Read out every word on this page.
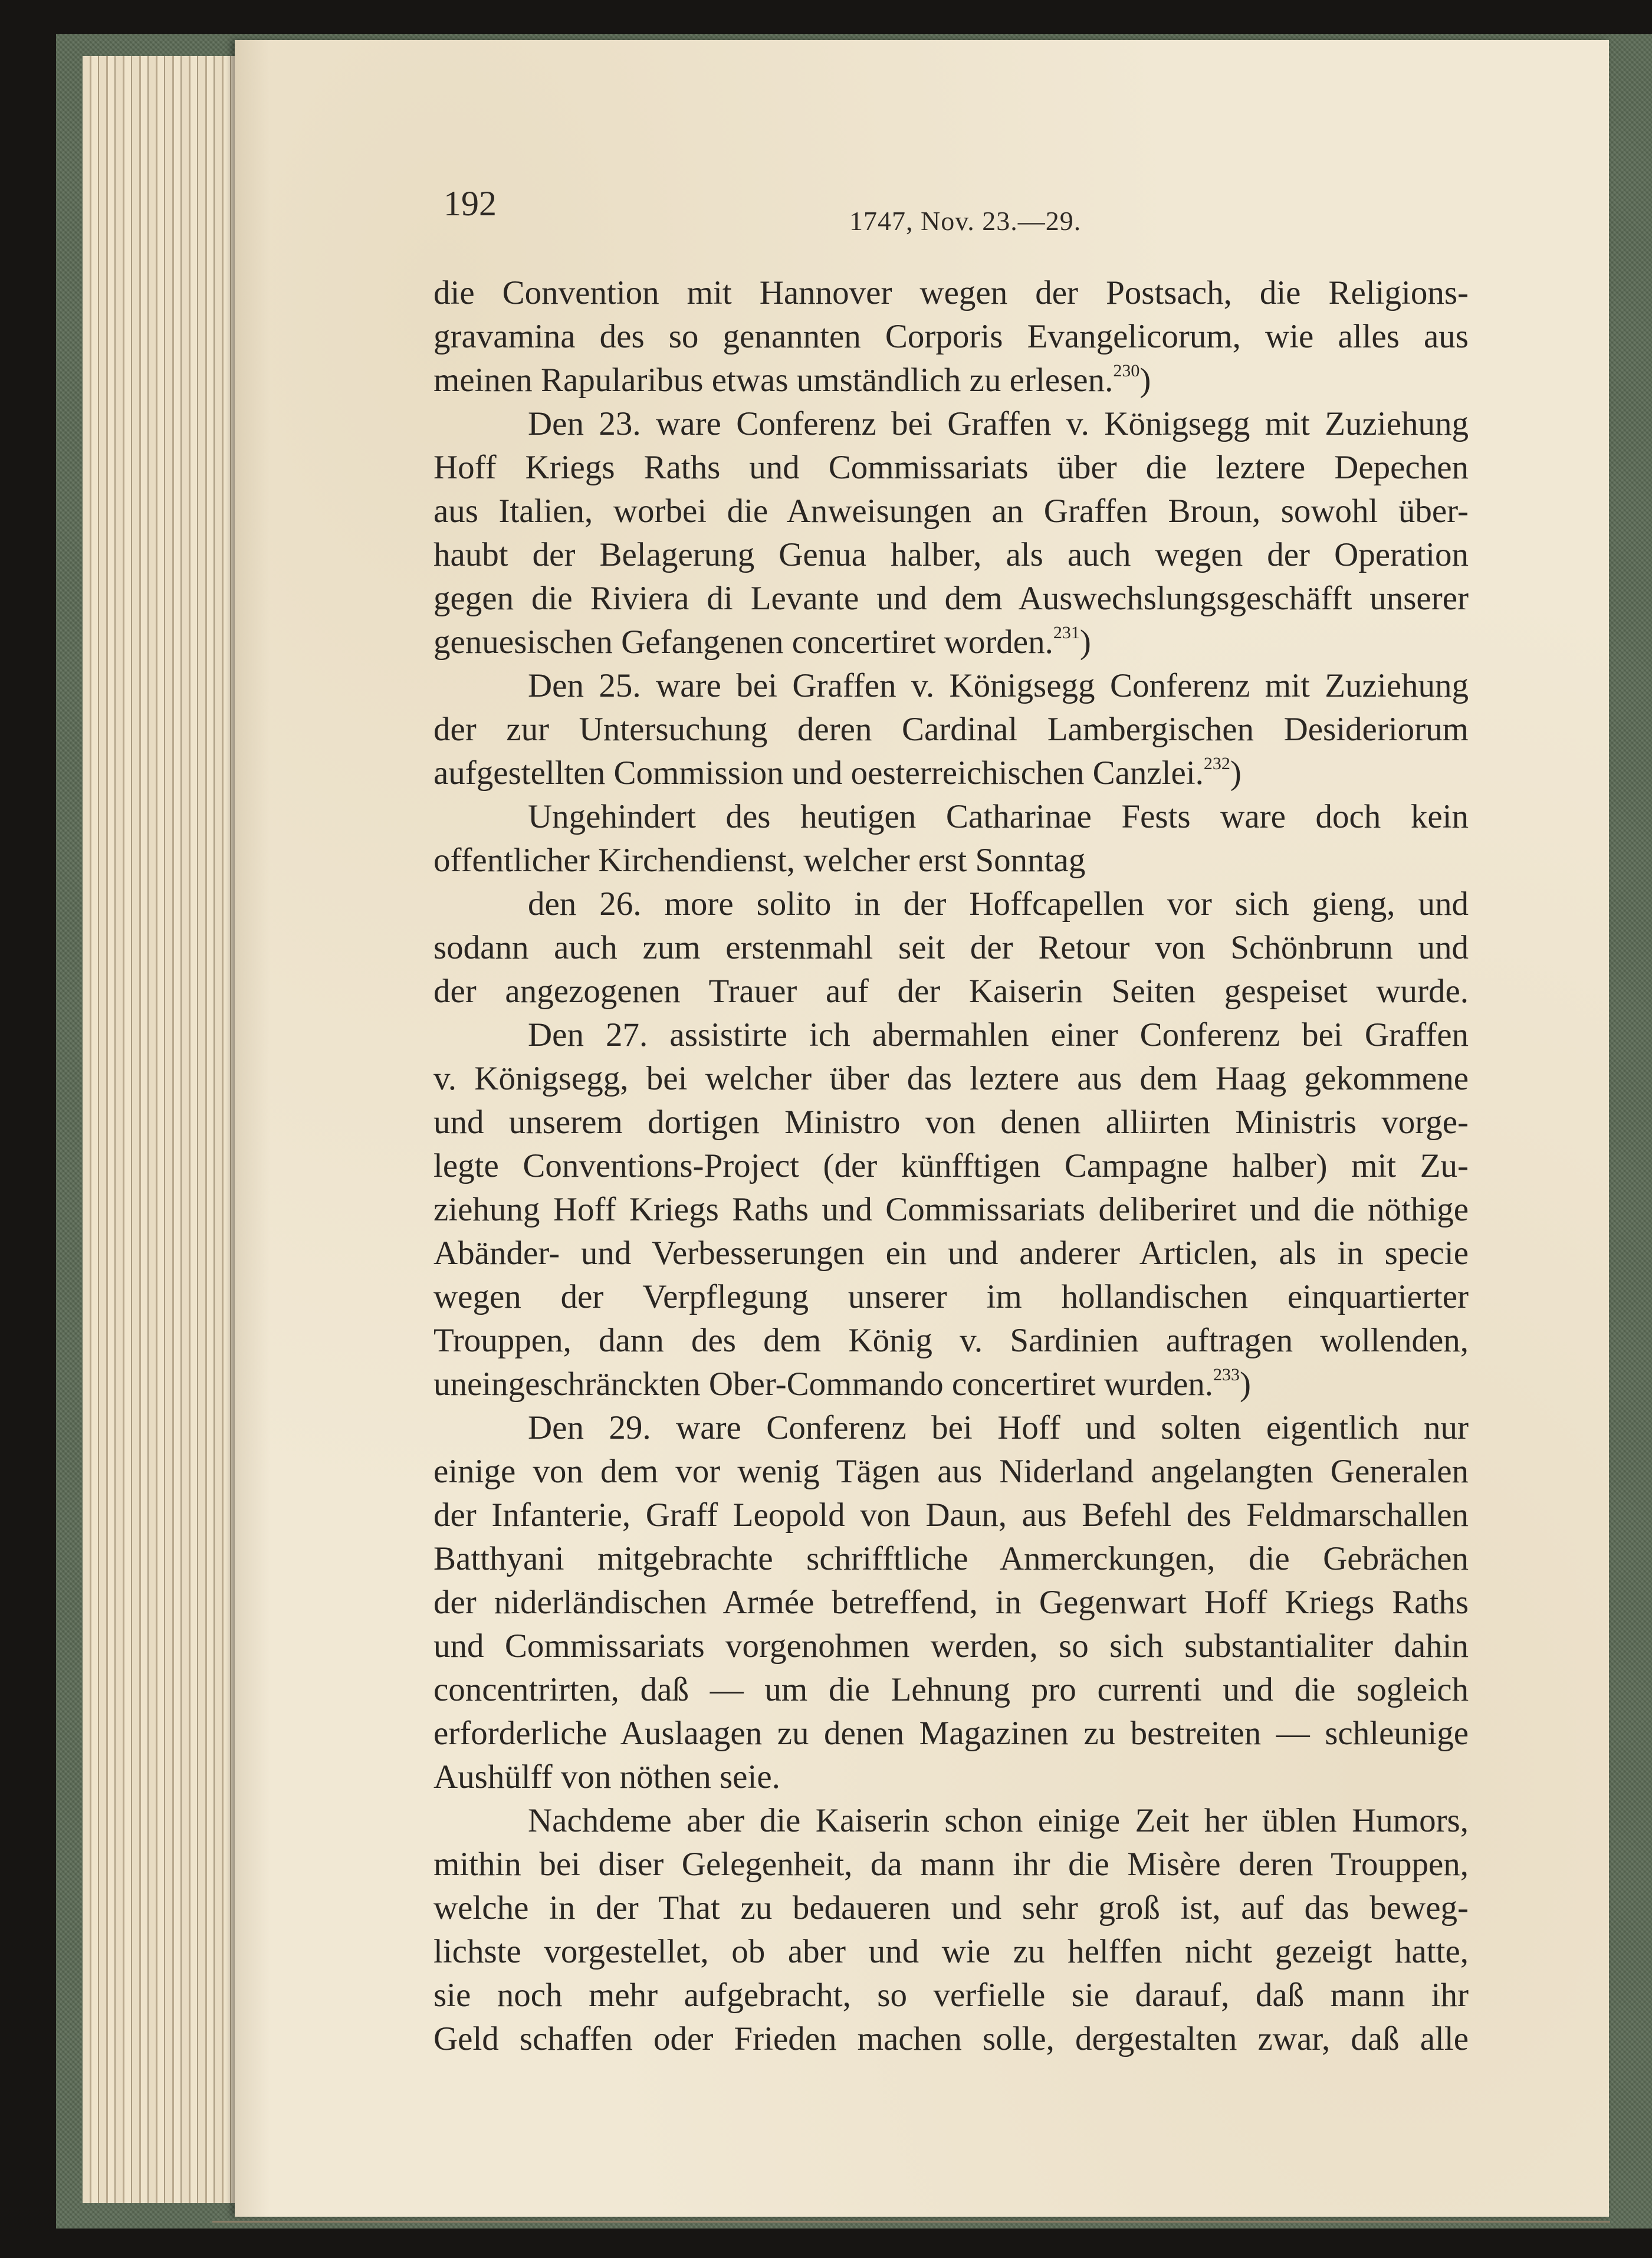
192	1747, Nov. 23.—29.

die Convention mit Hannover wegen der Postsach, die Religions-
gravamina des so genannten Corporis Evangelicorum, wie alles aus
meinen Rapularibus etwas umständlich zu erlesen.$^{230}$)
Den 23. ware Conferenz bei Graffen v. Königsegg mit Zuziehung
Hoff Kriegs Raths und Commissariats über die leztere Depechen
aus Italien, worbei die Anweisungen an Graffen Broun, sowohl über-
haubt der Belagerung Genua halber, als auch wegen der Operation
gegen die Riviera di Levante und dem Auswechslungsgeschäfft unserer
genuesischen Gefangenen concertiret worden.$^{231}$)
Den 25. ware bei Graffen v. Königsegg Conferenz mit Zuziehung
der zur Untersuchung deren Cardinal Lambergischen Desideriorum
aufgestellten Commission und oesterreichischen Canzlei.$^{232}$)
Ungehindert des heutigen Catharinae Fests ware doch kein
offentlicher Kirchendienst, welcher erst Sonntag
den 26. more solito in der Hoffcapellen vor sich gieng, und
sodann auch zum erstenmahl seit der Retour von Schönbrunn und
der angezogenen Trauer auf der Kaiserin Seiten gespeiset wurde.
Den 27. assistirte ich abermahlen einer Conferenz bei Graffen
v. Königsegg, bei welcher über das leztere aus dem Haag gekommene
und unserem dortigen Ministro von denen alliirten Ministris vorge-
legte Conventions-Project (der künfftigen Campagne halber) mit Zu-
ziehung Hoff Kriegs Raths und Commissariats deliberiret und die nöthige
Abänder- und Verbesserungen ein und anderer Articlen, als in specie
wegen der Verpflegung unserer im hollandischen einquartierter
Trouppen, dann des dem König v. Sardinien auftragen wollenden,
uneingeschränckten Ober-Commando concertiret wurden.$^{233}$)
Den 29. ware Conferenz bei Hoff und solten eigentlich nur
einige von dem vor wenig Tägen aus Niderland angelangten Generalen
der Infanterie, Graff Leopold von Daun, aus Befehl des Feldmarschallen
Batthyani mitgebrachte schrifftliche Anmerckungen, die Gebrächen
der niderländischen Armée betreffend, in Gegenwart Hoff Kriegs Raths
und Commissariats vorgenohmen werden, so sich substantialiter dahin
concentrirten, daß — um die Lehnung pro currenti und die sogleich
erforderliche Auslaagen zu denen Magazinen zu bestreiten — schleunige
Aushülff von nöthen seie.
Nachdeme aber die Kaiserin schon einige Zeit her üblen Humors,
mithin bei diser Gelegenheit, da mann ihr die Misère deren Trouppen,
welche in der That zu bedaueren und sehr groß ist, auf das beweg-
lichste vorgestellet, ob aber und wie zu helffen nicht gezeigt hatte,
sie noch mehr aufgebracht, so verfielle sie darauf, daß mann ihr
Geld schaffen oder Frieden machen solle, dergestalten zwar, daß alle
